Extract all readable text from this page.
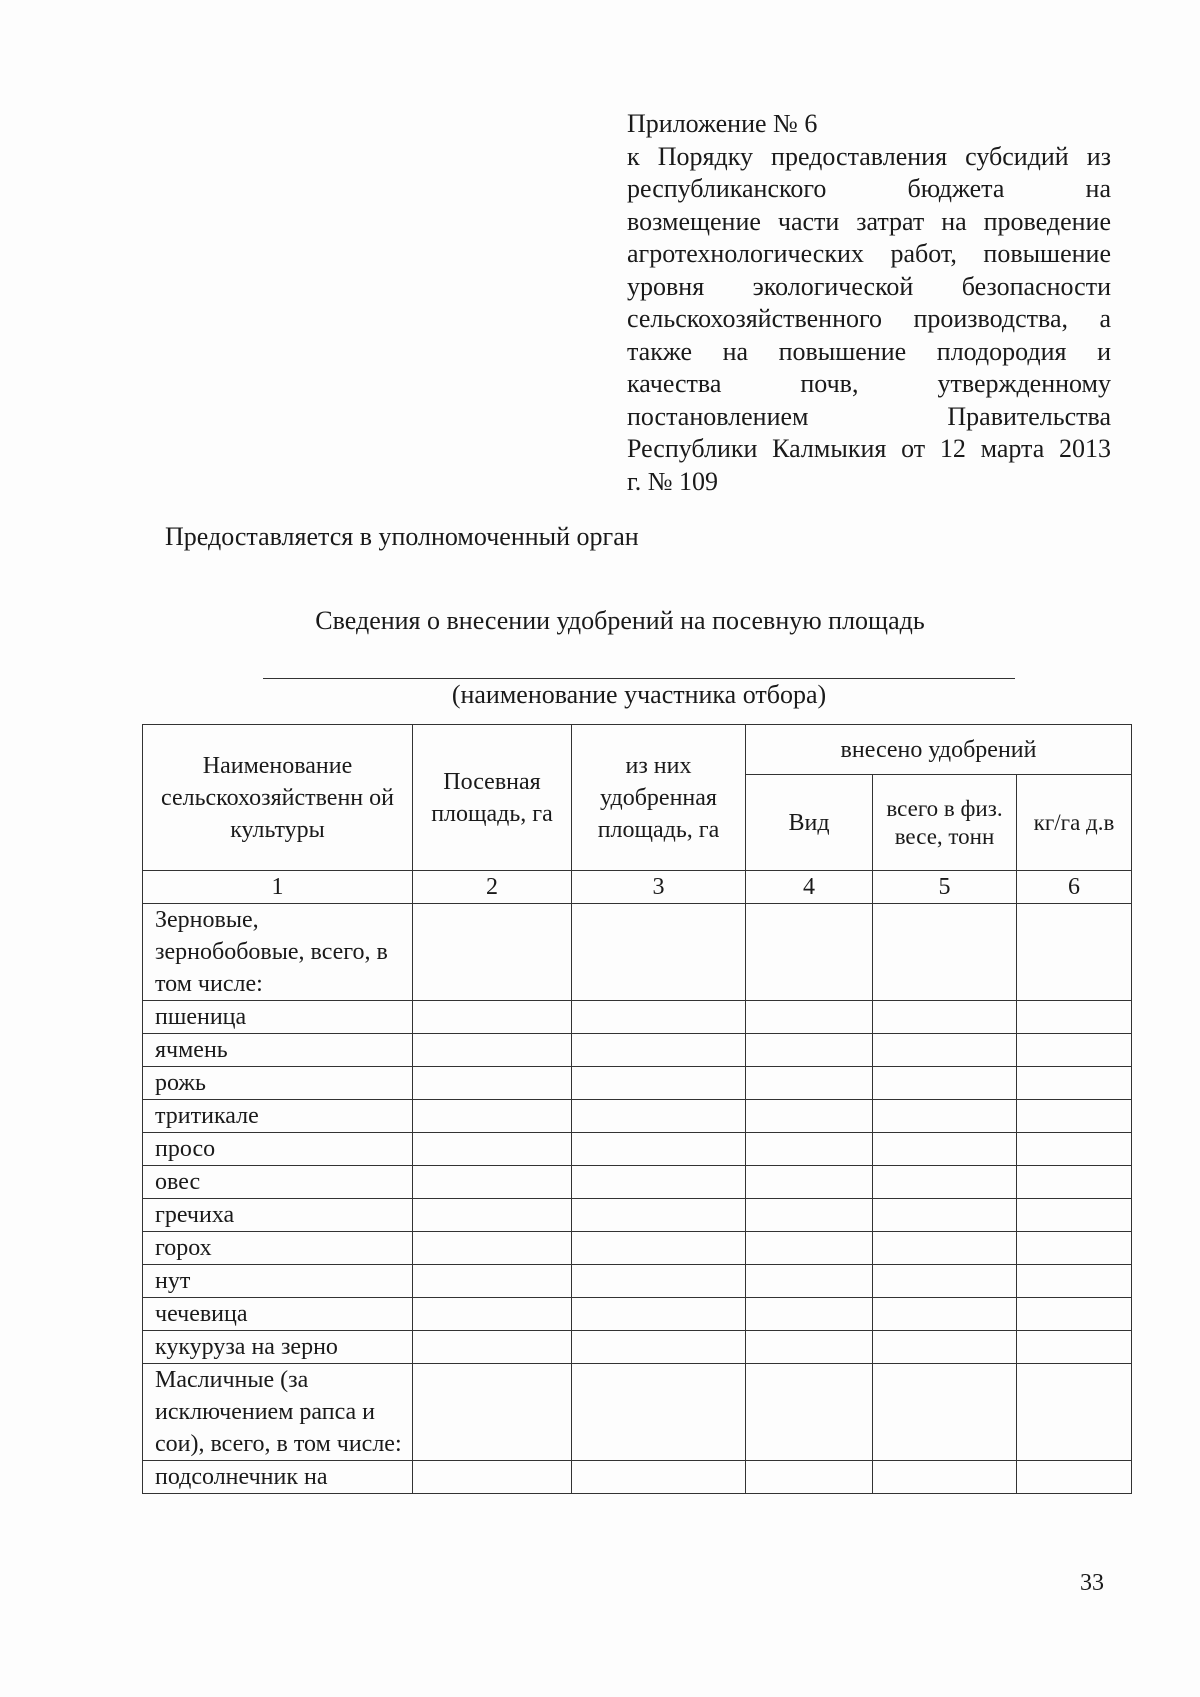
Приложение № 6
к Порядку предоставления субсидий из
республиканского бюджета на
возмещение части затрат на проведение
агротехнологических работ, повышение
уровня экологической безопасности
сельскохозяйственного производства, а
также на повышение плодородия и
качества почв, утвержденному
постановлением Правительства
Республики Калмыкия от 12 марта 2013
г. № 109
Предоставляется в уполномоченный орган
Сведения о внесении удобрений на посевную площадь
(наименование участника отбора)
Наименование сельскохозяйственн ой культуры	Посевная площадь, га	из них удобренная площадь, га	внесено удобрений		
			Вид	всего в физ. весе, тонн	кг/га д.в
1	2	3	4	5	6
Зерновые, зернобобовые, всего, в том числе:					
пшеница					
ячмень					
рожь					
тритикале					
просо					
овес					
гречиха					
горох					
нут					
чечевица					
кукуруза на зерно					
Масличные (за исключением рапса и сои), всего, в том числе:					
подсолнечник на					
33
